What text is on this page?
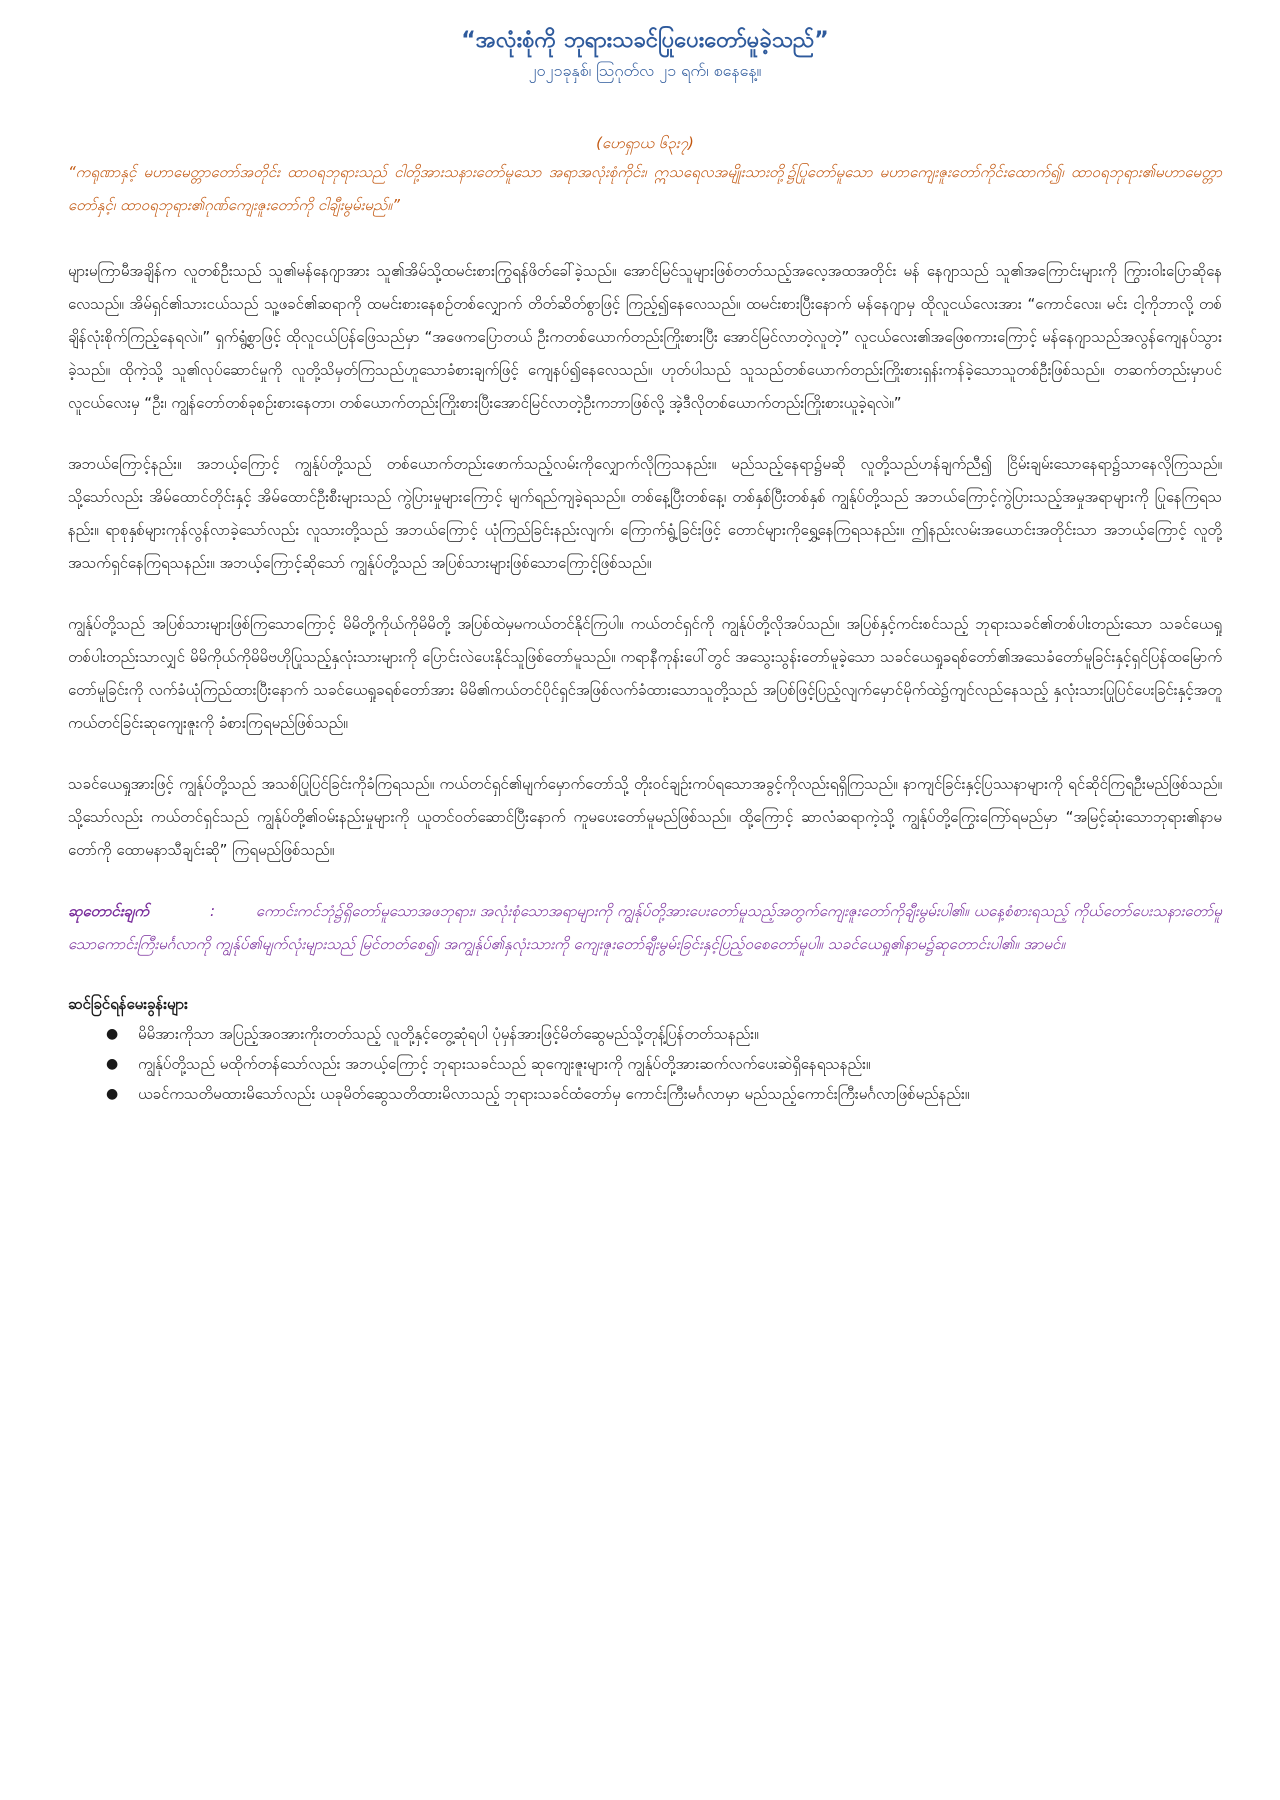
“အလုံးစုံကို ဘုရားသခင်ပြုပေးတော်မူခဲ့သည်”

၂၀၂၁ခုနှစ်၊ ဩဂုတ်လ ၂၁ ရက်၊ စနေနေ့။

(ဟေရှာယ ၆၃း၇)

“ကရုဏာနှင့် မဟာမေတ္တာတော်အတိုင်း ထာဝရဘုရားသည် ငါတို့အားသနားတော်မူသော အရာအလုံးစုံကိုင်း၊ ဣသရေလအမျိုးသားတို့၌ပြုတော်မူသော မဟာကျေးဇူးတော်ကိုင်းထောက်၍၊ ထာဝရဘုရား၏မဟာမေတ္တာတော်နှင့်၊ ထာဝရဘုရား၏ဂုဏ်ကျေးဇူးတော်ကို ငါချီးမွမ်းမည်။”

များမကြာမီအချိန်က လူတစ်ဦးသည် သူ၏မန်နေဂျာအား သူ၏အိမ်သို့ထမင်းစားကြွရန်ဖိတ်ခေါ်ခဲ့သည်။ အောင်မြင်သူများဖြစ်တတ်သည့်အလေ့အထအတိုင်း မန် နေဂျာသည် သူ၏အကြောင်းများကို ကြွားဝါးပြောဆိုနေလေသည်။ အိမ်ရှင်၏သားငယ်သည် သူ့ဖခင်၏ဆရာကို ထမင်းစားနေစဉ်တစ်လျှောက် တိတ်ဆိတ်စွာဖြင့် ကြည့်၍နေလေသည်။ ထမင်းစားပြီးနောက် မန်နေဂျာမှ ထိုလူငယ်လေးအား “ကောင်လေး၊ မင်း ငါ့ကိုဘာလို့ တစ်ချိန်လုံးစိုက်ကြည့်နေရလဲ။” ရှက်ရွံ့စွာဖြင့် ထိုလူငယ်ပြန်ဖြေသည်မှာ “အဖေကပြောတယ် ဦးကတစ်ယောက်တည်းကြိုးစားပြီး အောင်မြင်လာတဲ့လူတဲ့” လူငယ်လေး၏အဖြေစကားကြောင့် မန်နေဂျာသည်အလွန်ကျေနပ်သွားခဲ့သည်။ ထိုကဲ့သို့ သူ၏လုပ်ဆောင်မှုကို လူတို့သိမှတ်ကြသည်ဟူသောခံစားချက်ဖြင့် ကျေနပ်၍နေလေသည်။ ဟုတ်ပါသည် သူသည်တစ်ယောက်တည်းကြိုးစားရှန်းကန်ခဲ့သောသူတစ်ဦးဖြစ်သည်။ တဆက်တည်းမှာပင် လူငယ်လေးမှ “ဦး၊ ကျွန်တော်တစ်ခုစဉ်းစားနေတာ၊ တစ်ယောက်တည်းကြိုးစားပြီးအောင်မြင်လာတဲ့ဦးကဘာဖြစ်လို့ အဲ့ဒီလိုတစ်ယောက်တည်းကြိုးစားယူခဲ့ရလဲ။”

အဘယ်ကြောင့်နည်း။ အဘယ့်ကြောင့် ကျွန်ုပ်တို့သည် တစ်ယောက်တည်းဖောက်သည့်လမ်းကိုလျှောက်လိုကြသနည်း။ မည်သည့်နေရာ၌မဆို လူတို့သည်ဟန်ချက်ညီ၍ ငြိမ်းချမ်းသောနေရာ၌သာနေလိုကြသည်။ သို့သော်လည်း အိမ်ထောင်တိုင်းနှင့် အိမ်ထောင်ဦးစီးများသည် ကွဲပြားမှုများကြောင့် မျက်ရည်ကျခဲ့ရသည်။ တစ်နေ့ပြီးတစ်နေ့၊ တစ်နှစ်ပြီးတစ်နှစ် ကျွန်ုပ်တို့သည် အဘယ်ကြောင့်ကွဲပြားသည့်အမှုအရာများကို ပြုနေကြရသနည်း။ ရာစုနှစ်များကုန်လွန်လာခဲ့သော်လည်း လူသားတို့သည် အဘယ်ကြောင့် ယုံကြည်ခြင်းနည်းလျက်၊ ကြောက်ရွံ့ခြင်းဖြင့် တောင်များကိုရွှေ့နေကြရသနည်း။ ဤနည်းလမ်းအယောင်းအတိုင်းသာ အဘယ့်ကြောင့် လူတို့အသက်ရှင်နေကြရသနည်း။ အဘယ့်ကြောင့်ဆိုသော် ကျွန်ုပ်တို့သည် အပြစ်သားများဖြစ်သောကြောင့်ဖြစ်သည်။

ကျွန်ုပ်တို့သည် အပြစ်သားများဖြစ်ကြသောကြောင့် မိမိတို့ကိုယ်ကိုမိမိတို့ အပြစ်ထဲမှမကယ်တင်နိုင်ကြပါ။ ကယ်တင်ရှင်ကို ကျွန်ုပ်တို့လိုအပ်သည်။ အပြစ်နှင့်ကင်းစင်သည့် ဘုရားသခင်၏တစ်ပါးတည်းသော သခင်ယေရှုတစ်ပါးတည်းသာလျှင် မိမိကိုယ်ကိုမိမိဗဟိုပြုသည့်နှလုံးသားများကို ပြောင်းလဲပေးနိုင်သူဖြစ်တော်မူသည်။ ကရာနီကုန်းပေါ်တွင် အသွေးသွန်းတော်မူခဲ့သော သခင်ယေရှုခရစ်တော်၏အသေခံတော်မူခြင်းနှင့်ရှင်ပြန်ထမြောက်တော်မူခြင်းကို လက်ခံယုံကြည်ထားပြီးနောက် သခင်ယေရှုခရစ်တော်အား မိမိ၏ကယ်တင်ပိုင်ရှင်အဖြစ်လက်ခံထားသောသူတို့သည် အပြစ်ဖြင့်ပြည့်လျက်မှောင်မိုက်ထဲ၌ကျင်လည်နေသည့် နှလုံးသားပြုပြင်ပေးခြင်းနှင့်အတူ ကယ်တင်ခြင်းဆုကျေးဇူးကို ခံစားကြရမည်ဖြစ်သည်။

သခင်ယေရှုအားဖြင့် ကျွန်ုပ်တို့သည် အသစ်ပြုပြင်ခြင်းကိုခံကြရသည်။ ကယ်တင်ရှင်၏မျက်မှောက်တော်သို့ တိုးဝင်ချဉ်းကပ်ရသောအခွင့်ကိုလည်းရရှိကြသည်။ နာကျင်ခြင်းနှင့်ပြဿနာများကို ရင်ဆိုင်ကြရဦးမည်ဖြစ်သည်။ သို့သော်လည်း ကယ်တင်ရှင်သည် ကျွန်ုပ်တို့၏ဝမ်းနည်းမှုများကို ယူတင်ဝတ်ဆောင်ပြီးနောက် ကူမပေးတော်မူမည်ဖြစ်သည်။ ထို့ကြောင့် ဆာလံဆရာကဲ့သို့ ကျွန်ုပ်တို့ကြွေးကြော်ရမည်မှာ “အမြင့်ဆုံးသောဘုရား၏နာမတော်ကို ထောမနာသီချင်းဆို” ကြရမည်ဖြစ်သည်။

ဆုတောင်းချက်	:	ကောင်းကင်ဘုံ၌ရှိတော်မူသောအဖဘုရား၊ အလုံးစုံသောအရာများကို ကျွန်ုပ်တို့အားပေးတော်မူသည့်အတွက်ကျေးဇူးတော်ကိုချီးမွမ်းပါ၏။ ယနေ့စံစားရသည့် ကိုယ်တော်ပေးသနားတော်မူသောကောင်းကြီးမင်္ဂလာကို ကျွန်ုပ်၏မျက်လုံးများသည် မြင်တတ်စေ၍၊ အကျွန်ုပ်၏နှလုံးသားကို ကျေးဇူးတော်ချီးမွမ်းခြင်းနှင့်ပြည့်ဝစေတော်မူပါ။ သခင်ယေရှု၏နာမ၌ဆုတောင်းပါ၏။ အာမင်။

ဆင်ခြင်ရန်မေးခွန်းများ

● မိမိအားကိုသာ အပြည့်အဝအားကိုးတတ်သည့် လူတို့နှင့်တွေ့ဆုံရပါ ပုံမှန်အားဖြင့်မိတ်ဆွေမည်သို့တုန့်ပြန်တတ်သနည်း။
● ကျွန်ုပ်တို့သည် မထိုက်တန်သော်လည်း အဘယ့်ကြောင့် ဘုရားသခင်သည် ဆုကျေးဇူးများကို ကျွန်ုပ်တို့အားဆက်လက်ပေးဆဲရှိနေရသနည်း။
● ယခင်ကသတိမထားမိသော်လည်း ယခုမိတ်ဆွေသတိထားမိလာသည့် ဘုရားသခင်ထံတော်မှ ကောင်းကြီးမင်္ဂလာမှာ မည်သည့်ကောင်းကြီးမင်္ဂလာဖြစ်မည်နည်း။
